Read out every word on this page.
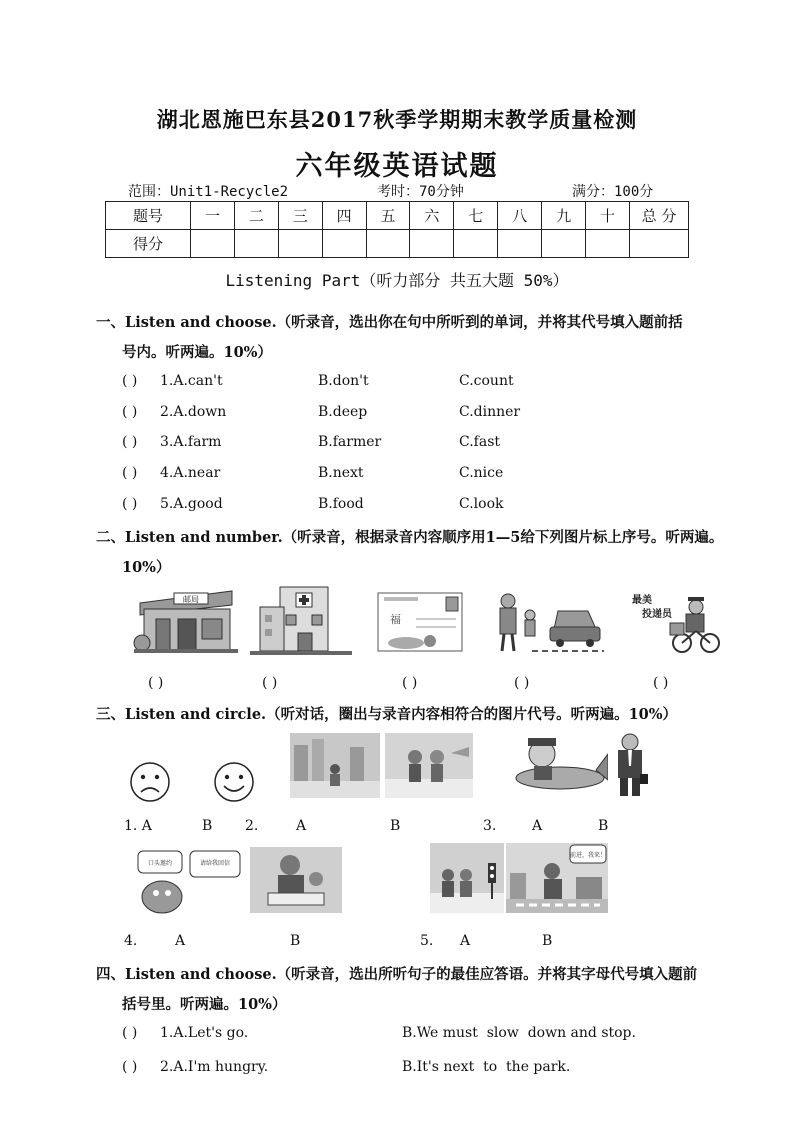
湖北恩施巴东县2017秋季学期期末教学质量检测
六年级英语试题
范围：Unit1-Recycle2	考时：70分钟	满分：100分
题号	一	二	三	四	五	六	七	八	九	十	总 分
得分											
Listening Part（听力部分 共五大题 50%）
一、Listen and choose.（听录音，选出你在句中所听到的单词，并将其代号填入题前括
号内。听两遍。10%）
( ) 1.A.can't	B.don't	C.count
( ) 2.A.down	B.deep	C.dinner
( ) 3.A.farm	B.farmer	C.fast
( ) 4.A.near	B.next	C.nice
( ) 5.A.good	B.food	C.look
二、Listen and number.（听录音，根据录音内容顺序用1—5给下列图片标上序号。听两遍。
10%）
邮局
福
最美
投递员
( )	( )	( )	( )	( )
三、Listen and circle.（听对话，圈出与录音内容相符合的图片代号。听两遍。10%）
1. A	B 2.	A	B	3.	A	B
口头邀约	请给我回信
前进，我来！
4.	A	B	5. A	B
四、Listen and choose.（听录音，选出所听句子的最佳应答语。并将其字母代号填入题前
括号里。听两遍。10%）
( ) 1.A.Let's go.	B.We must  slow  down and stop.
( ) 2.A.I'm hungry.	B.It's next  to  the park.
